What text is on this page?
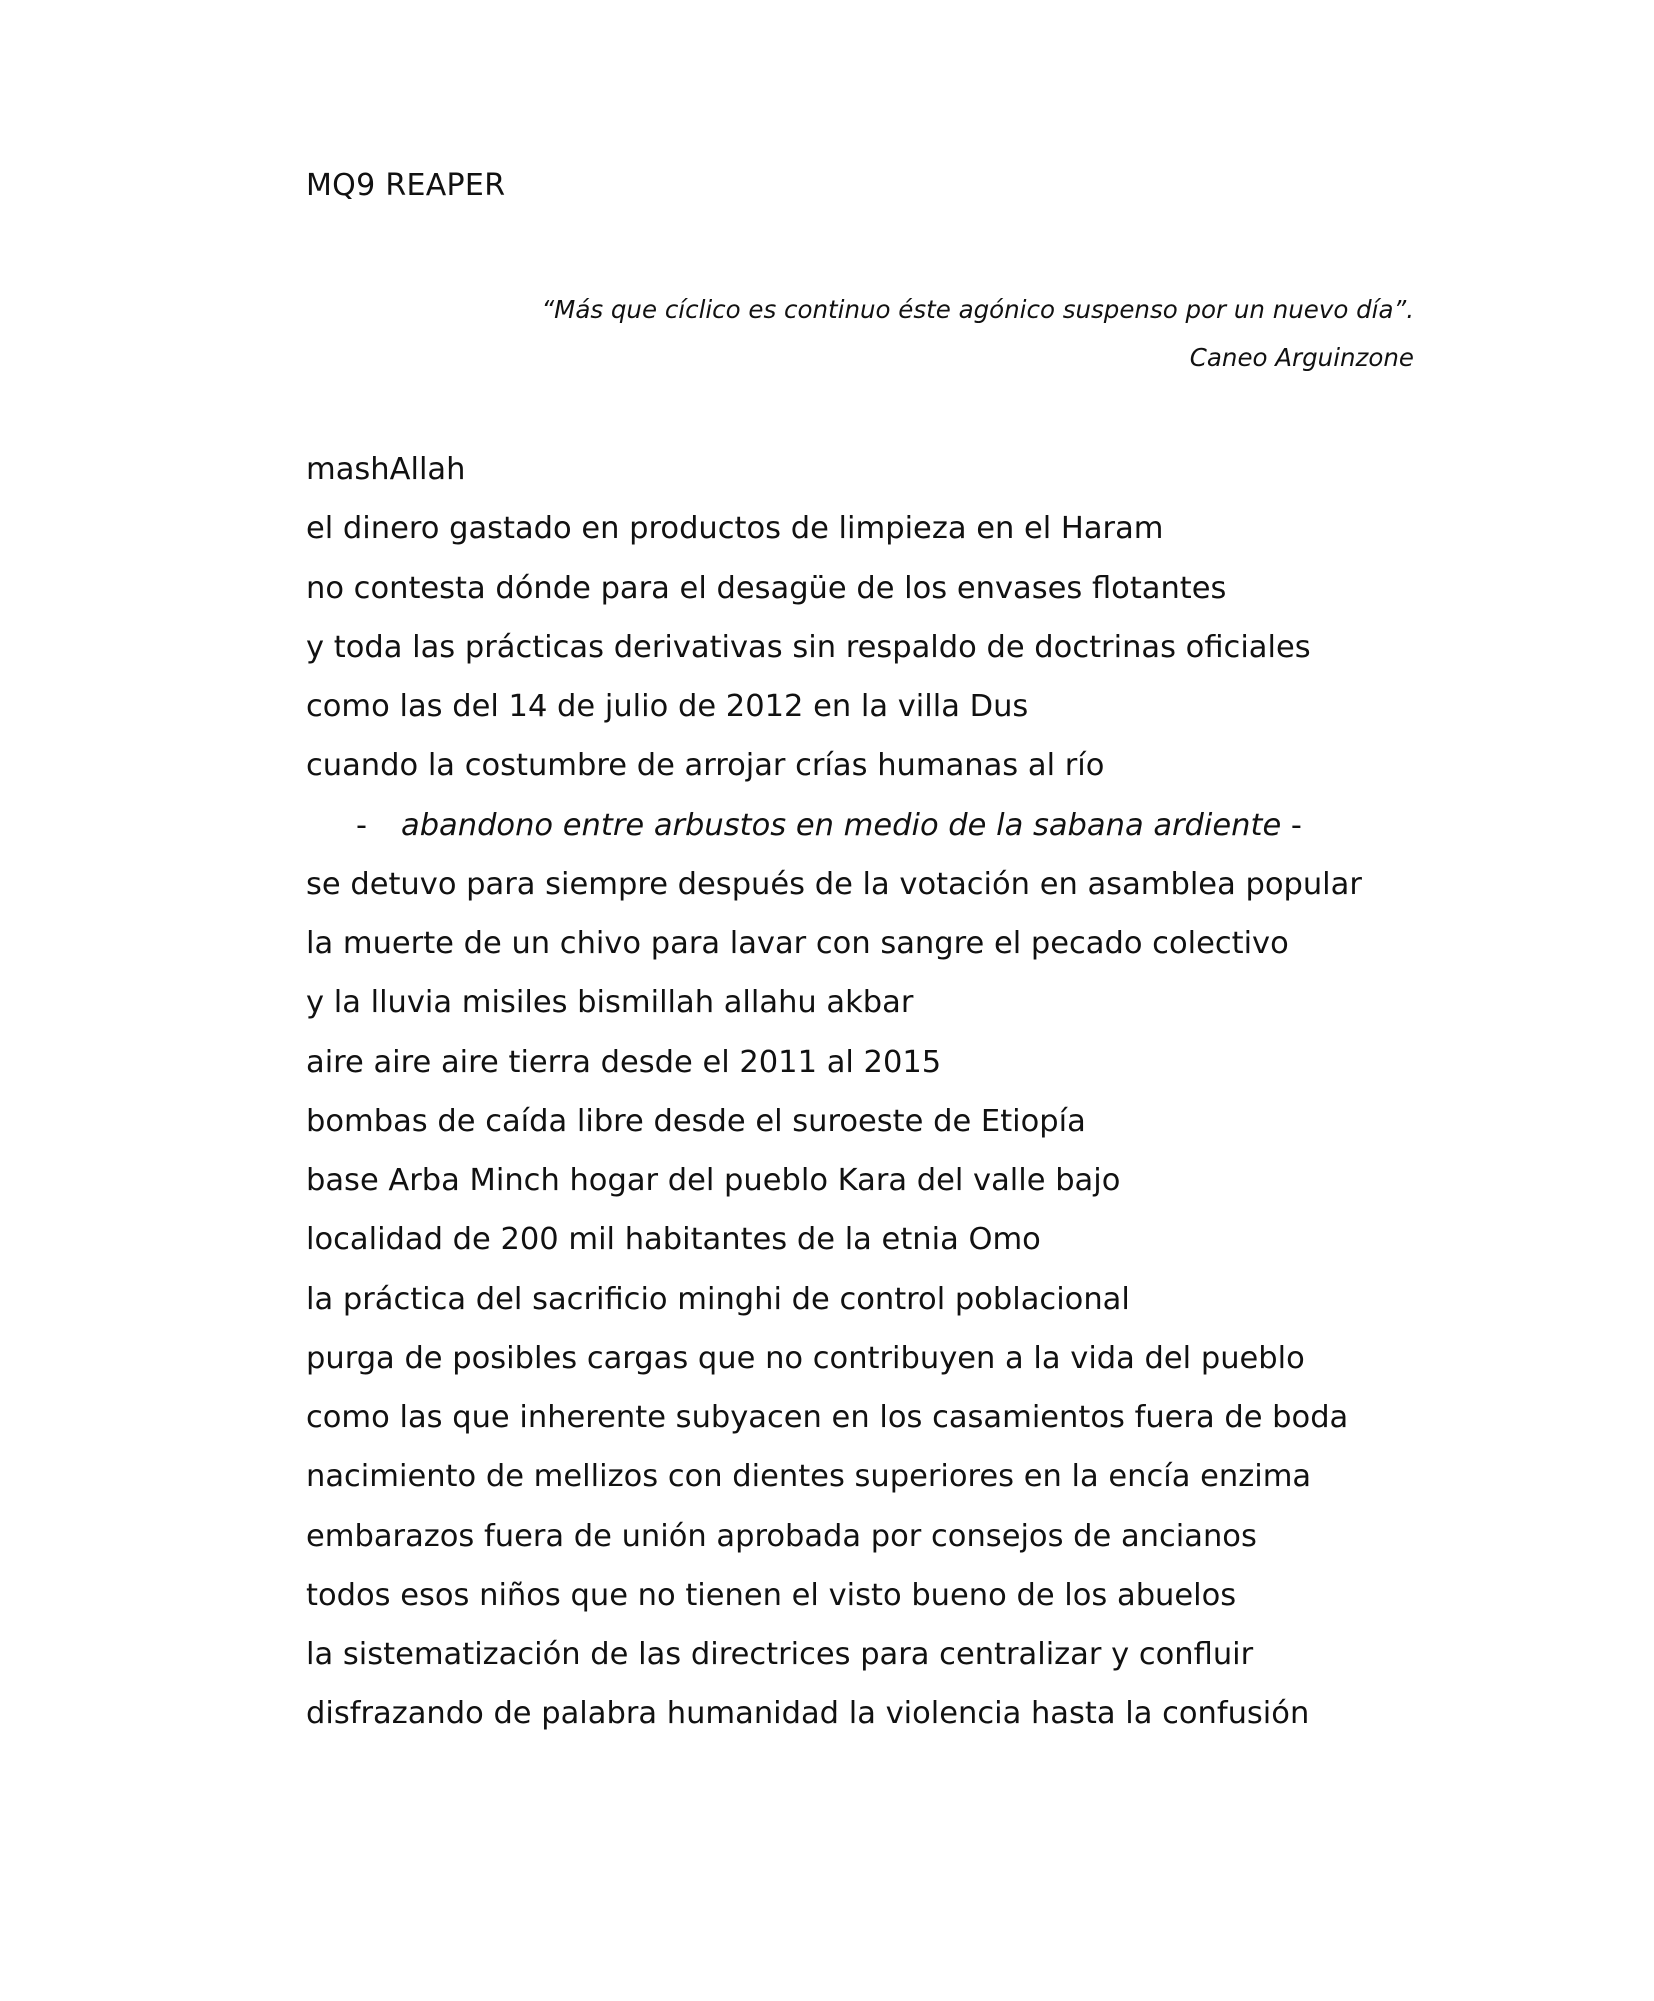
MQ9 REAPER
“Más que cíclico es continuo éste agónico suspenso por un nuevo día”.
Caneo Arguinzone
mashAllah
el dinero gastado en productos de limpieza en el Haram
no contesta dónde para el desagüe de los envases flotantes
y toda las prácticas derivativas sin respaldo de doctrinas oficiales
como las del 14 de julio de 2012 en la villa Dus
cuando la costumbre de arrojar crías humanas al río
- abandono entre arbustos en medio de la sabana ardiente -
se detuvo para siempre después de la votación en asamblea popular
la muerte de un chivo para lavar con sangre el pecado colectivo
y la lluvia misiles bismillah allahu akbar
aire aire aire tierra desde el 2011 al 2015
bombas de caída libre desde el suroeste de Etiopía
base Arba Minch hogar del pueblo Kara del valle bajo
localidad de 200 mil habitantes de la etnia Omo
la práctica del sacrificio minghi de control poblacional
purga de posibles cargas que no contribuyen a la vida del pueblo
como las que inherente subyacen en los casamientos fuera de boda
nacimiento de mellizos con dientes superiores en la encía enzima
embarazos fuera de unión aprobada por consejos de ancianos
todos esos niños que no tienen el visto bueno de los abuelos
la sistematización de las directrices para centralizar y confluir
disfrazando de palabra humanidad la violencia hasta la confusión
